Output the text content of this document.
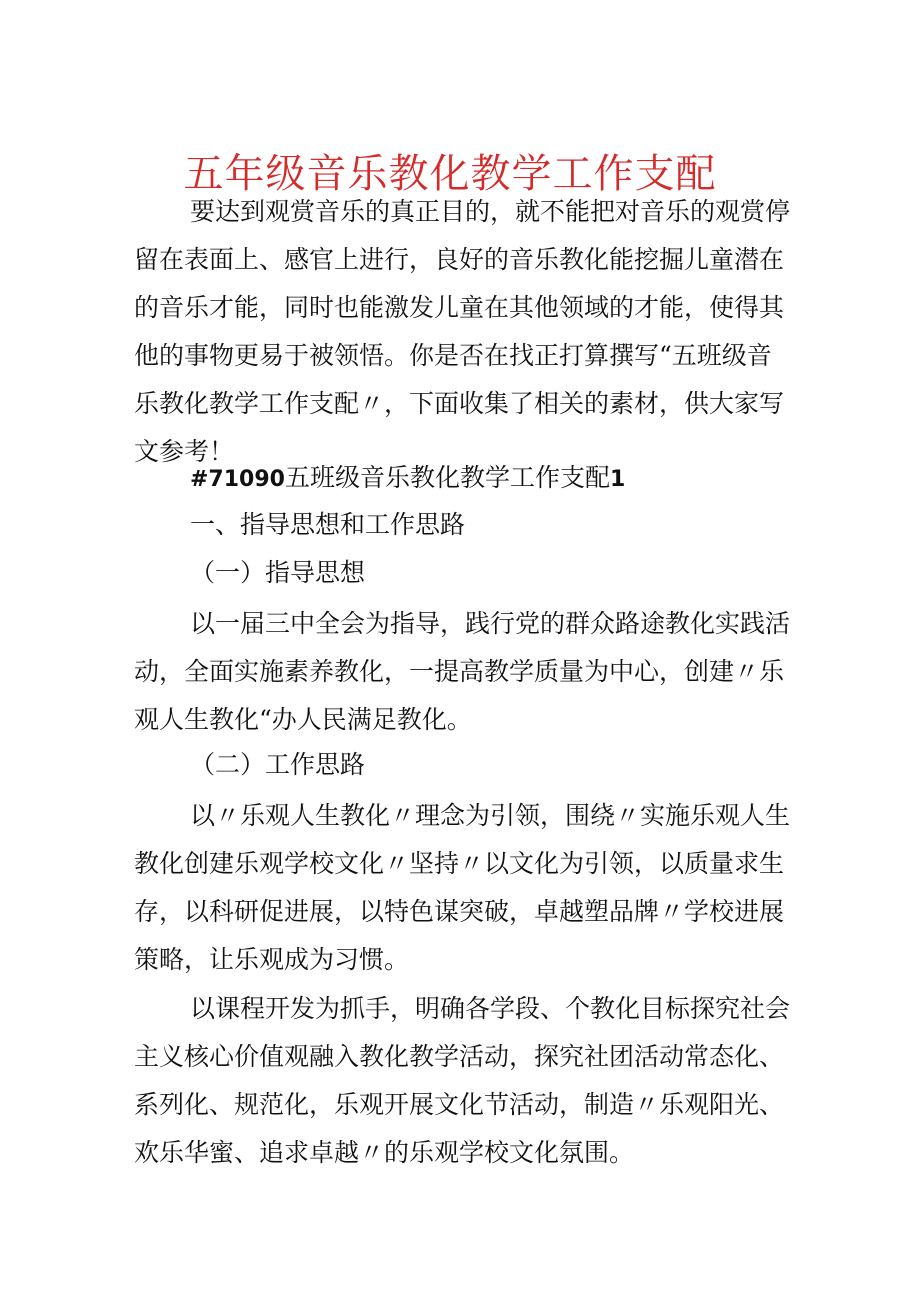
五年级音乐教化教学工作支配

要达到观赏音乐的真正目的，就不能把对音乐的观赏停留在表面上、感官上进行，良好的音乐教化能挖掘儿童潜在的音乐才能，同时也能激发儿童在其他领域的才能，使得其他的事物更易于被领悟。你是否在找正打算撰写“五班级音乐教化教学工作支配〃，下面收集了相关的素材，供大家写文参考！

#71090五班级音乐教化教学工作支配1
一、指导思想和工作思路
（一）指导思想

以一届三中全会为指导，践行党的群众路途教化实践活动，全面实施素养教化，一提高教学质量为中心，创建〃乐观人生教化“办人民满足教化。

（二）工作思路

以〃乐观人生教化〃理念为引领，围绕〃实施乐观人生教化创建乐观学校文化〃坚持〃以文化为引领，以质量求生存，以科研促进展，以特色谋突破，卓越塑品牌〃学校进展策略，让乐观成为习惯。

以课程开发为抓手，明确各学段、个教化目标探究社会主义核心价值观融入教化教学活动，探究社团活动常态化、系列化、规范化，乐观开展文化节活动，制造〃乐观阳光、欢乐华蜜、追求卓越〃的乐观学校文化氛围。
